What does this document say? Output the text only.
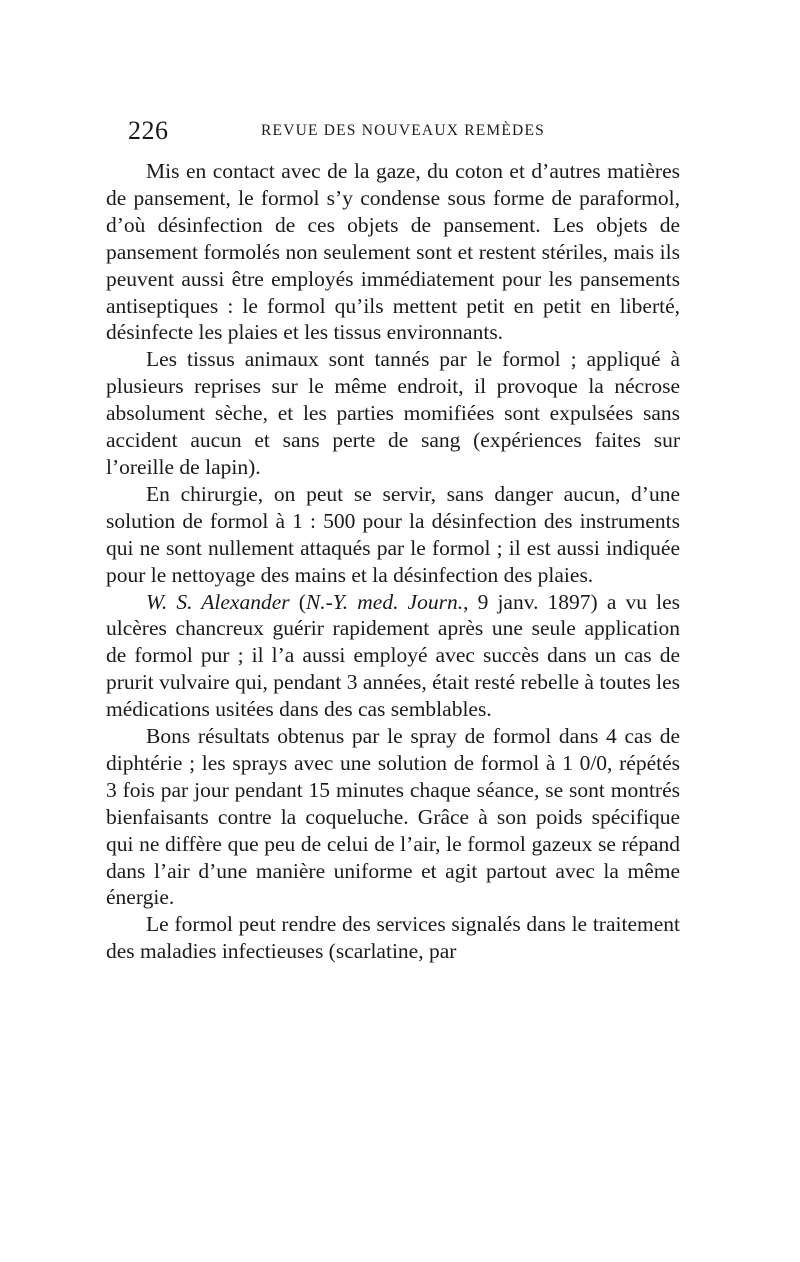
226	REVUE DES NOUVEAUX REMÈDES

Mis en contact avec de la gaze, du coton et d’autres matières de pansement, le formol s’y condense sous forme de paraformol, d’où désinfection de ces objets de pansement. Les objets de pansement formolés non seulement sont et restent stériles, mais ils peuvent aussi être employés immédiatement pour les pansements antiseptiques : le formol qu’ils mettent petit en petit en liberté, désinfecte les plaies et les tissus environnants.

Les tissus animaux sont tannés par le formol ; appliqué à plusieurs reprises sur le même endroit, il provoque la nécrose absolument sèche, et les parties momifiées sont expulsées sans accident aucun et sans perte de sang (expériences faites sur l’oreille de lapin).

En chirurgie, on peut se servir, sans danger aucun, d’une solution de formol à 1 : 500 pour la désinfection des instruments qui ne sont nullement attaqués par le formol ; il est aussi indiquée pour le nettoyage des mains et la désinfection des plaies.

W. S. Alexander (N.-Y. med. Journ., 9 janv. 1897) a vu les ulcères chancreux guérir rapidement après une seule application de formol pur ; il l’a aussi employé avec succès dans un cas de prurit vulvaire qui, pendant 3 années, était resté rebelle à toutes les médications usitées dans des cas semblables.

Bons résultats obtenus par le spray de formol dans 4 cas de diphtérie ; les sprays avec une solution de formol à 1 0/0, répétés 3 fois par jour pendant 15 minutes chaque séance, se sont montrés bienfaisants contre la coqueluche. Grâce à son poids spécifique qui ne diffère que peu de celui de l’air, le formol gazeux se répand dans l’air d’une manière uniforme et agit partout avec la même énergie.

Le formol peut rendre des services signalés dans le traitement des maladies infectieuses (scarlatine, par
